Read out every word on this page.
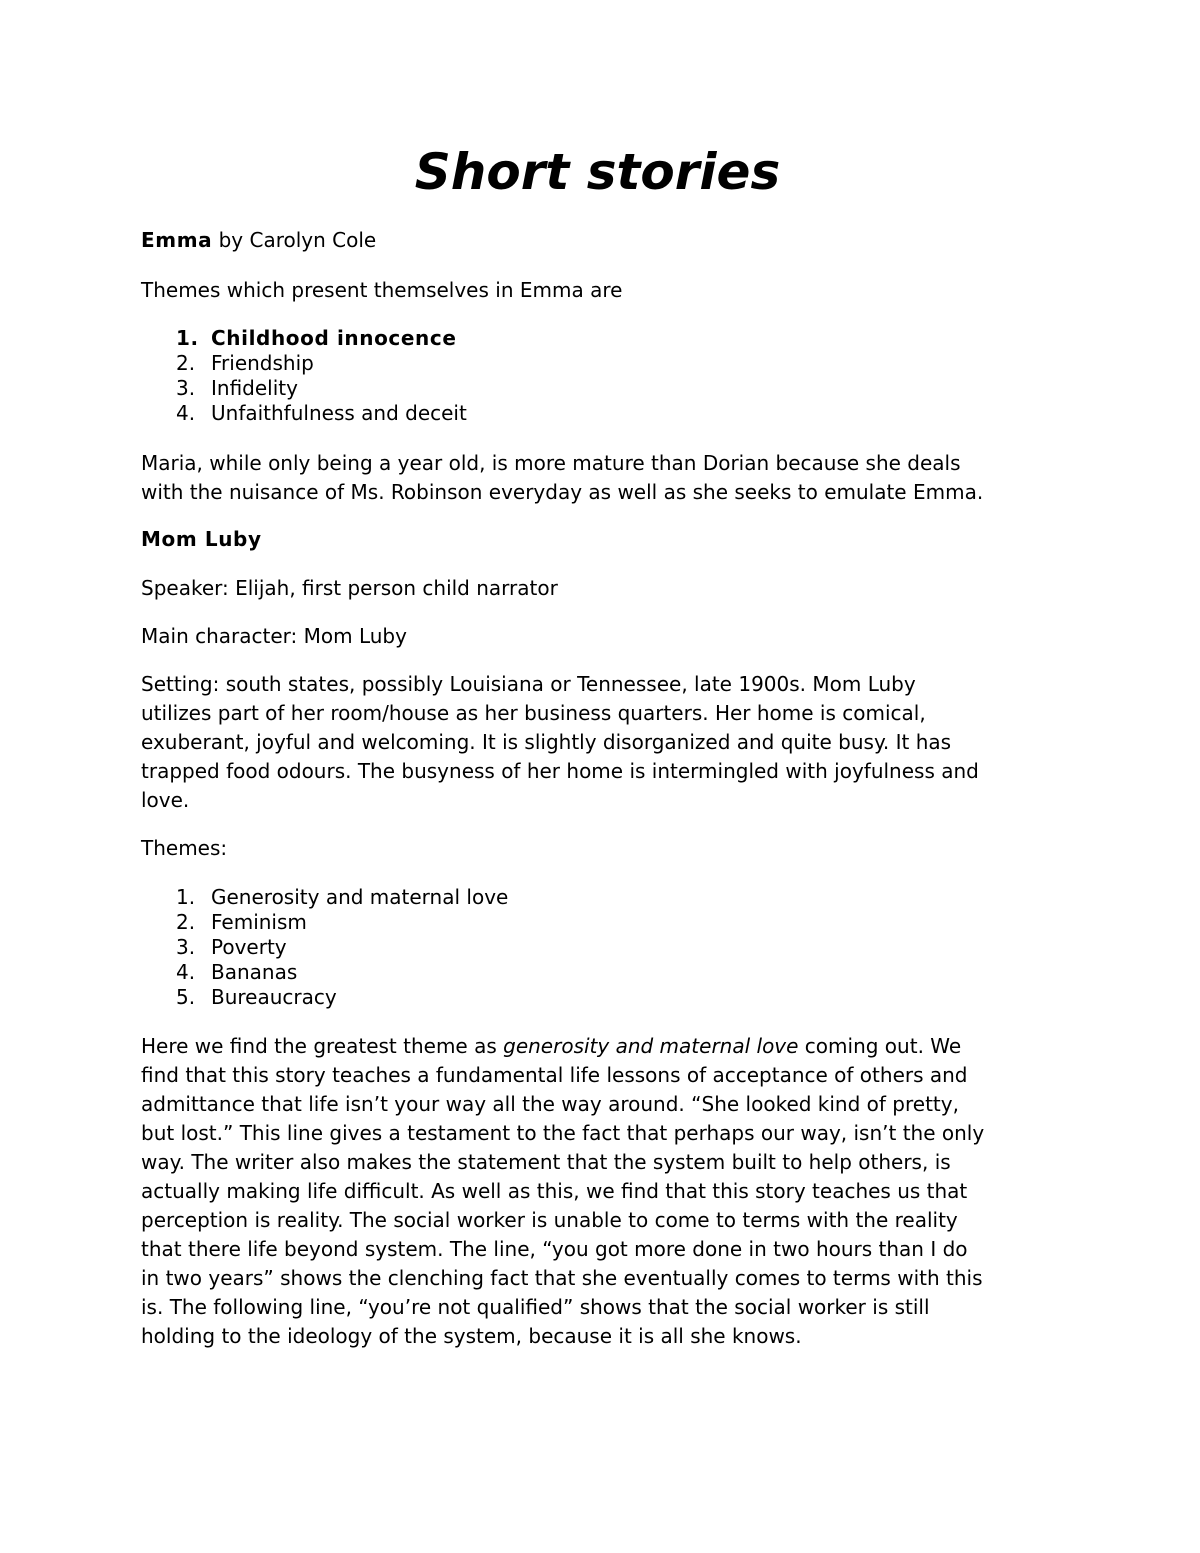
Short stories

Emma by Carolyn Cole

Themes which present themselves in Emma are

1. Childhood innocence
2. Friendship
3. Infidelity
4. Unfaithfulness and deceit
Maria, while only being a year old, is more mature than Dorian because she deals
with the nuisance of Ms. Robinson everyday as well as she seeks to emulate Emma.

Mom Luby

Speaker: Elijah, first person child narrator

Main character: Mom Luby

Setting: south states, possibly Louisiana or Tennessee, late 1900s. Mom Luby
utilizes part of her room/house as her business quarters. Her home is comical,
exuberant, joyful and welcoming. It is slightly disorganized and quite busy. It has
trapped food odours. The busyness of her home is intermingled with joyfulness and
love.

Themes:

1. Generosity and maternal love
2. Feminism
3. Poverty
4. Bananas
5. Bureaucracy
Here we find the greatest theme as generosity and maternal love coming out. We
find that this story teaches a fundamental life lessons of acceptance of others and
admittance that life isn’t your way all the way around. “She looked kind of pretty,
but lost.” This line gives a testament to the fact that perhaps our way, isn’t the only
way. The writer also makes the statement that the system built to help others, is
actually making life difficult. As well as this, we find that this story teaches us that
perception is reality. The social worker is unable to come to terms with the reality
that there life beyond system. The line, “you got more done in two hours than I do
in two years” shows the clenching fact that she eventually comes to terms with this
is. The following line, “you’re not qualified” shows that the social worker is still
holding to the ideology of the system, because it is all she knows.
